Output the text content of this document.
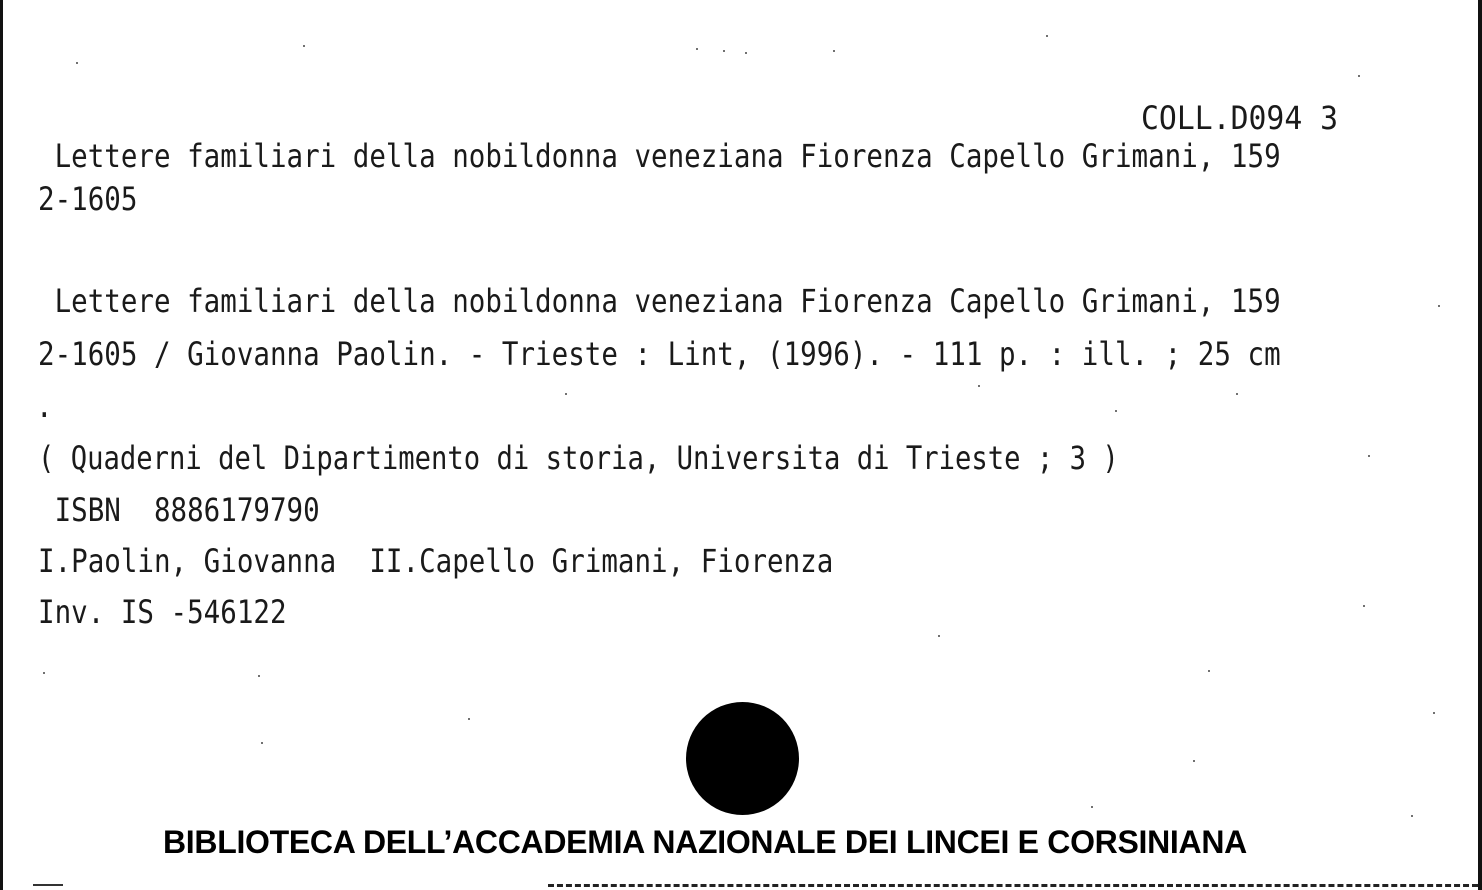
COLL.D094 3
Lettere familiari della nobildonna veneziana Fiorenza Capello Grimani, 159
2-1605
Lettere familiari della nobildonna veneziana Fiorenza Capello Grimani, 159
2-1605 / Giovanna Paolin. - Trieste : Lint, (1996). - 111 p. : ill. ; 25 cm
.
( Quaderni del Dipartimento di storia, Universita di Trieste ; 3 )
ISBN  8886179790
I.Paolin, Giovanna  II.Capello Grimani, Fiorenza
Inv. IS -546122
BIBLIOTECA DELL’ACCADEMIA NAZIONALE DEI LINCEI E CORSINIANA
